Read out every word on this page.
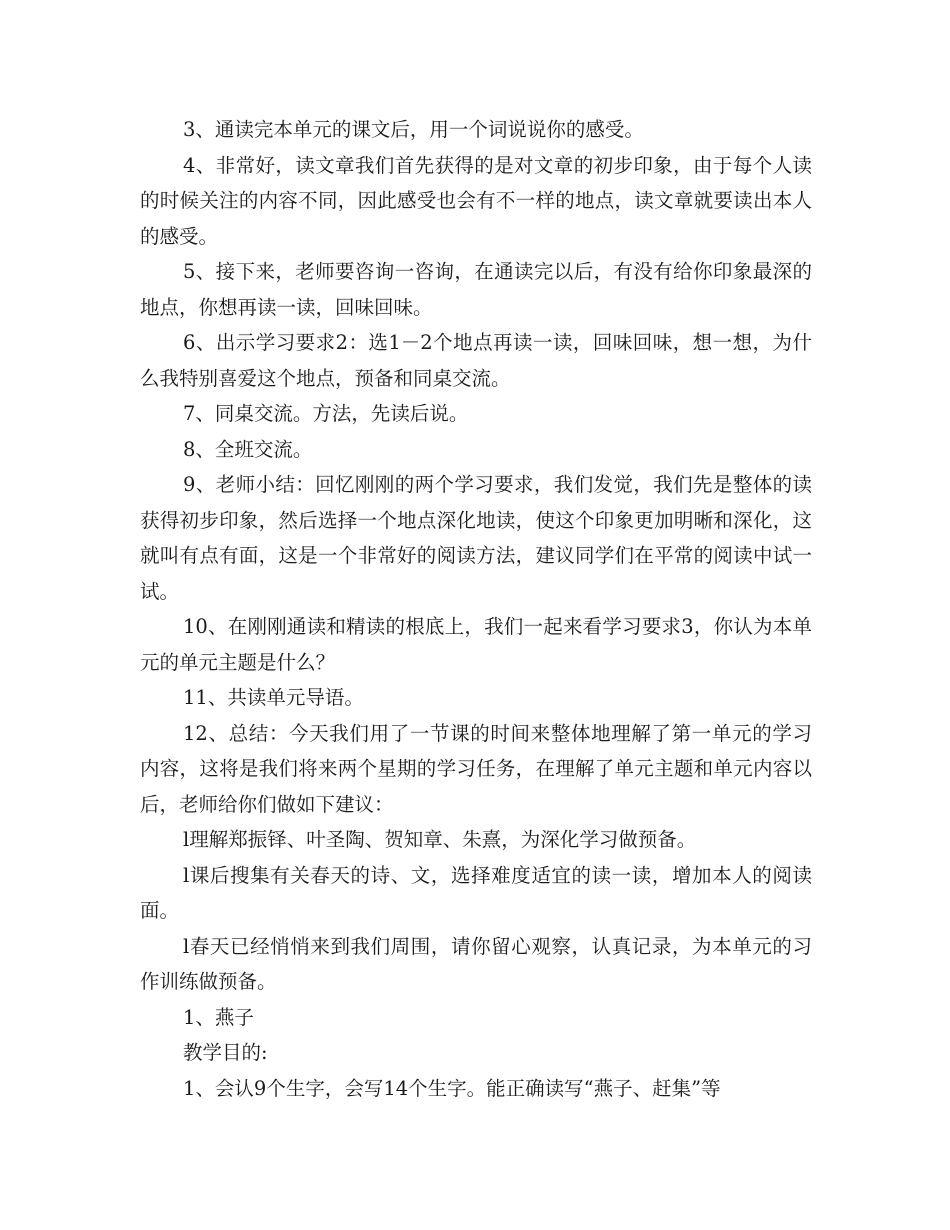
3、通读完本单元的课文后，用一个词说说你的感受。

4、非常好，读文章我们首先获得的是对文章的初步印象，由于每个人读的时候关注的内容不同，因此感受也会有不一样的地点，读文章就要读出本人的感受。

5、接下来，老师要咨询一咨询，在通读完以后，有没有给你印象最深的地点，你想再读一读，回味回味。

6、出示学习要求2：选1－2个地点再读一读，回味回味，想一想，为什么我特别喜爱这个地点，预备和同桌交流。

7、同桌交流。方法，先读后说。

8、全班交流。

9、老师小结：回忆刚刚的两个学习要求，我们发觉，我们先是整体的读获得初步印象，然后选择一个地点深化地读，使这个印象更加明晰和深化，这就叫有点有面，这是一个非常好的阅读方法，建议同学们在平常的阅读中试一试。

10、在刚刚通读和精读的根底上，我们一起来看学习要求3，你认为本单元的单元主题是什么？

11、共读单元导语。

12、总结：今天我们用了一节课的时间来整体地理解了第一单元的学习内容，这将是我们将来两个星期的学习任务，在理解了单元主题和单元内容以后，老师给你们做如下建议：

l理解郑振铎、叶圣陶、贺知章、朱熹，为深化学习做预备。

l课后搜集有关春天的诗、文，选择难度适宜的读一读，增加本人的阅读面。

l春天已经悄悄来到我们周围，请你留心观察，认真记录，为本单元的习作训练做预备。

1、燕子

教学目的:

1、会认9个生字，会写14个生字。能正确读写“燕子、赶集”等
